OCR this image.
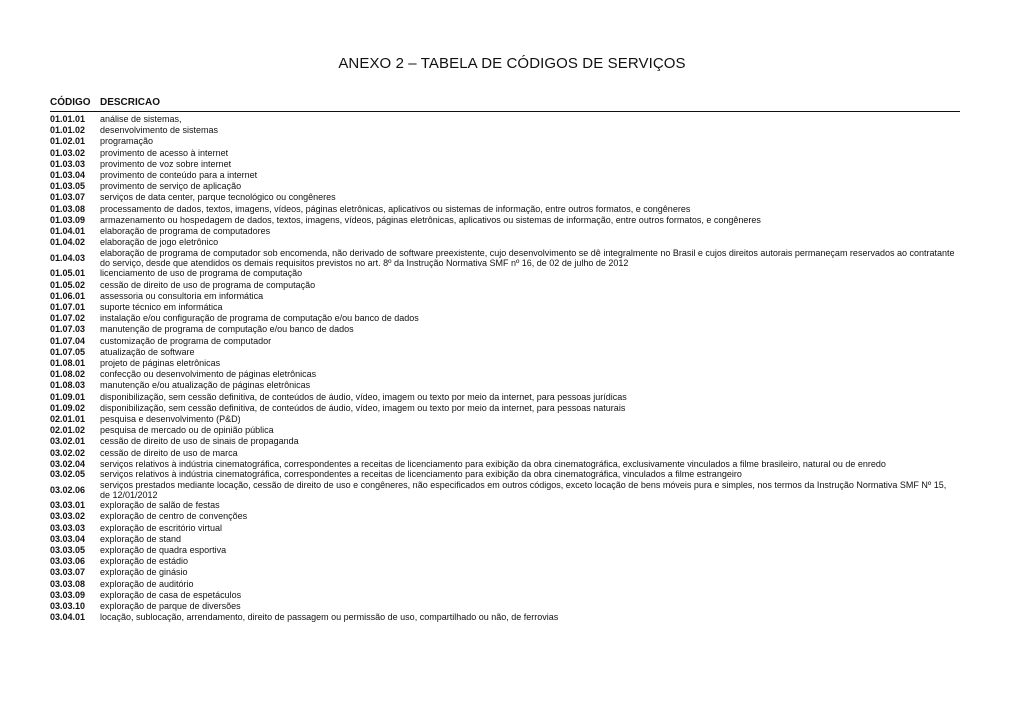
ANEXO 2 – TABELA DE CÓDIGOS DE SERVIÇOS
CÓDIGO DESCRICAO
01.01.01	análise de sistemas,
01.01.02	desenvolvimento de sistemas
01.02.01	programação
01.03.02	provimento de acesso à internet
01.03.03	provimento de voz sobre internet
01.03.04	provimento de conteúdo para a internet
01.03.05	provimento de serviço de aplicação
01.03.07	serviços de data center, parque tecnológico ou congêneres
01.03.08	processamento de dados, textos, imagens, vídeos, páginas eletrônicas, aplicativos ou sistemas de informação, entre outros formatos, e congêneres
01.03.09	armazenamento ou hospedagem de dados, textos, imagens, vídeos, páginas eletrônicas, aplicativos ou sistemas de informação, entre outros formatos, e congêneres
01.04.01	elaboração de programa de computadores
01.04.02	elaboração de jogo eletrônico
01.04.03	elaboração de programa de computador sob encomenda, não derivado de software preexistente, cujo desenvolvimento se dê integralmente no Brasil e cujos direitos autorais permaneçam reservados ao contratante do serviço, desde que atendidos os demais requisitos previstos no art. 8º da Instrução Normativa SMF nº 16, de 02 de julho de 2012
01.05.01	licenciamento de uso de programa de computação
01.05.02	cessão de direito de uso de programa de computação
01.06.01	assessoria ou consultoria em informática
01.07.01	suporte técnico em informática
01.07.02	instalação e/ou configuração de programa de computação e/ou banco de dados
01.07.03	manutenção de programa de computação e/ou banco de dados
01.07.04	customização de programa de computador
01.07.05	atualização de software
01.08.01	projeto de páginas eletrônicas
01.08.02	confecção ou desenvolvimento de páginas eletrônicas
01.08.03	manutenção e/ou atualização de páginas eletrônicas
01.09.01	disponibilização, sem cessão definitiva, de conteúdos de áudio, vídeo, imagem ou texto por meio da internet, para pessoas jurídicas
01.09.02	disponibilização, sem cessão definitiva, de conteúdos de áudio, vídeo, imagem ou texto por meio da internet, para pessoas naturais
02.01.01	pesquisa e desenvolvimento (P&D)
02.01.02	pesquisa de mercado ou de opinião pública
03.02.01	cessão de direito de uso de sinais de propaganda
03.02.02	cessão de direito de uso de marca
03.02.04	serviços relativos à indústria cinematográfica, correspondentes a receitas de licenciamento para exibição da obra cinematográfica, exclusivamente vinculados a filme brasileiro, natural ou de enredo
03.02.05	serviços relativos à indústria cinematográfica, correspondentes a receitas de licenciamento para exibição da obra cinematográfica, vinculados a filme estrangeiro
03.02.06	serviços prestados mediante locação, cessão de direito de uso e congêneres, não especificados em outros códigos, exceto locação de bens móveis pura e simples, nos termos da Instrução Normativa SMF Nº 15, de 12/01/2012
03.03.01	exploração de salão de festas
03.03.02	exploração de centro de convenções
03.03.03	exploração de escritório virtual
03.03.04	exploração de stand
03.03.05	exploração de quadra esportiva
03.03.06	exploração de estádio
03.03.07	exploração de ginásio
03.03.08	exploração de auditório
03.03.09	exploração de casa de espetáculos
03.03.10	exploração de parque de diversões
03.04.01	locação, sublocação, arrendamento, direito de passagem ou permissão de uso, compartilhado ou não, de ferrovias
